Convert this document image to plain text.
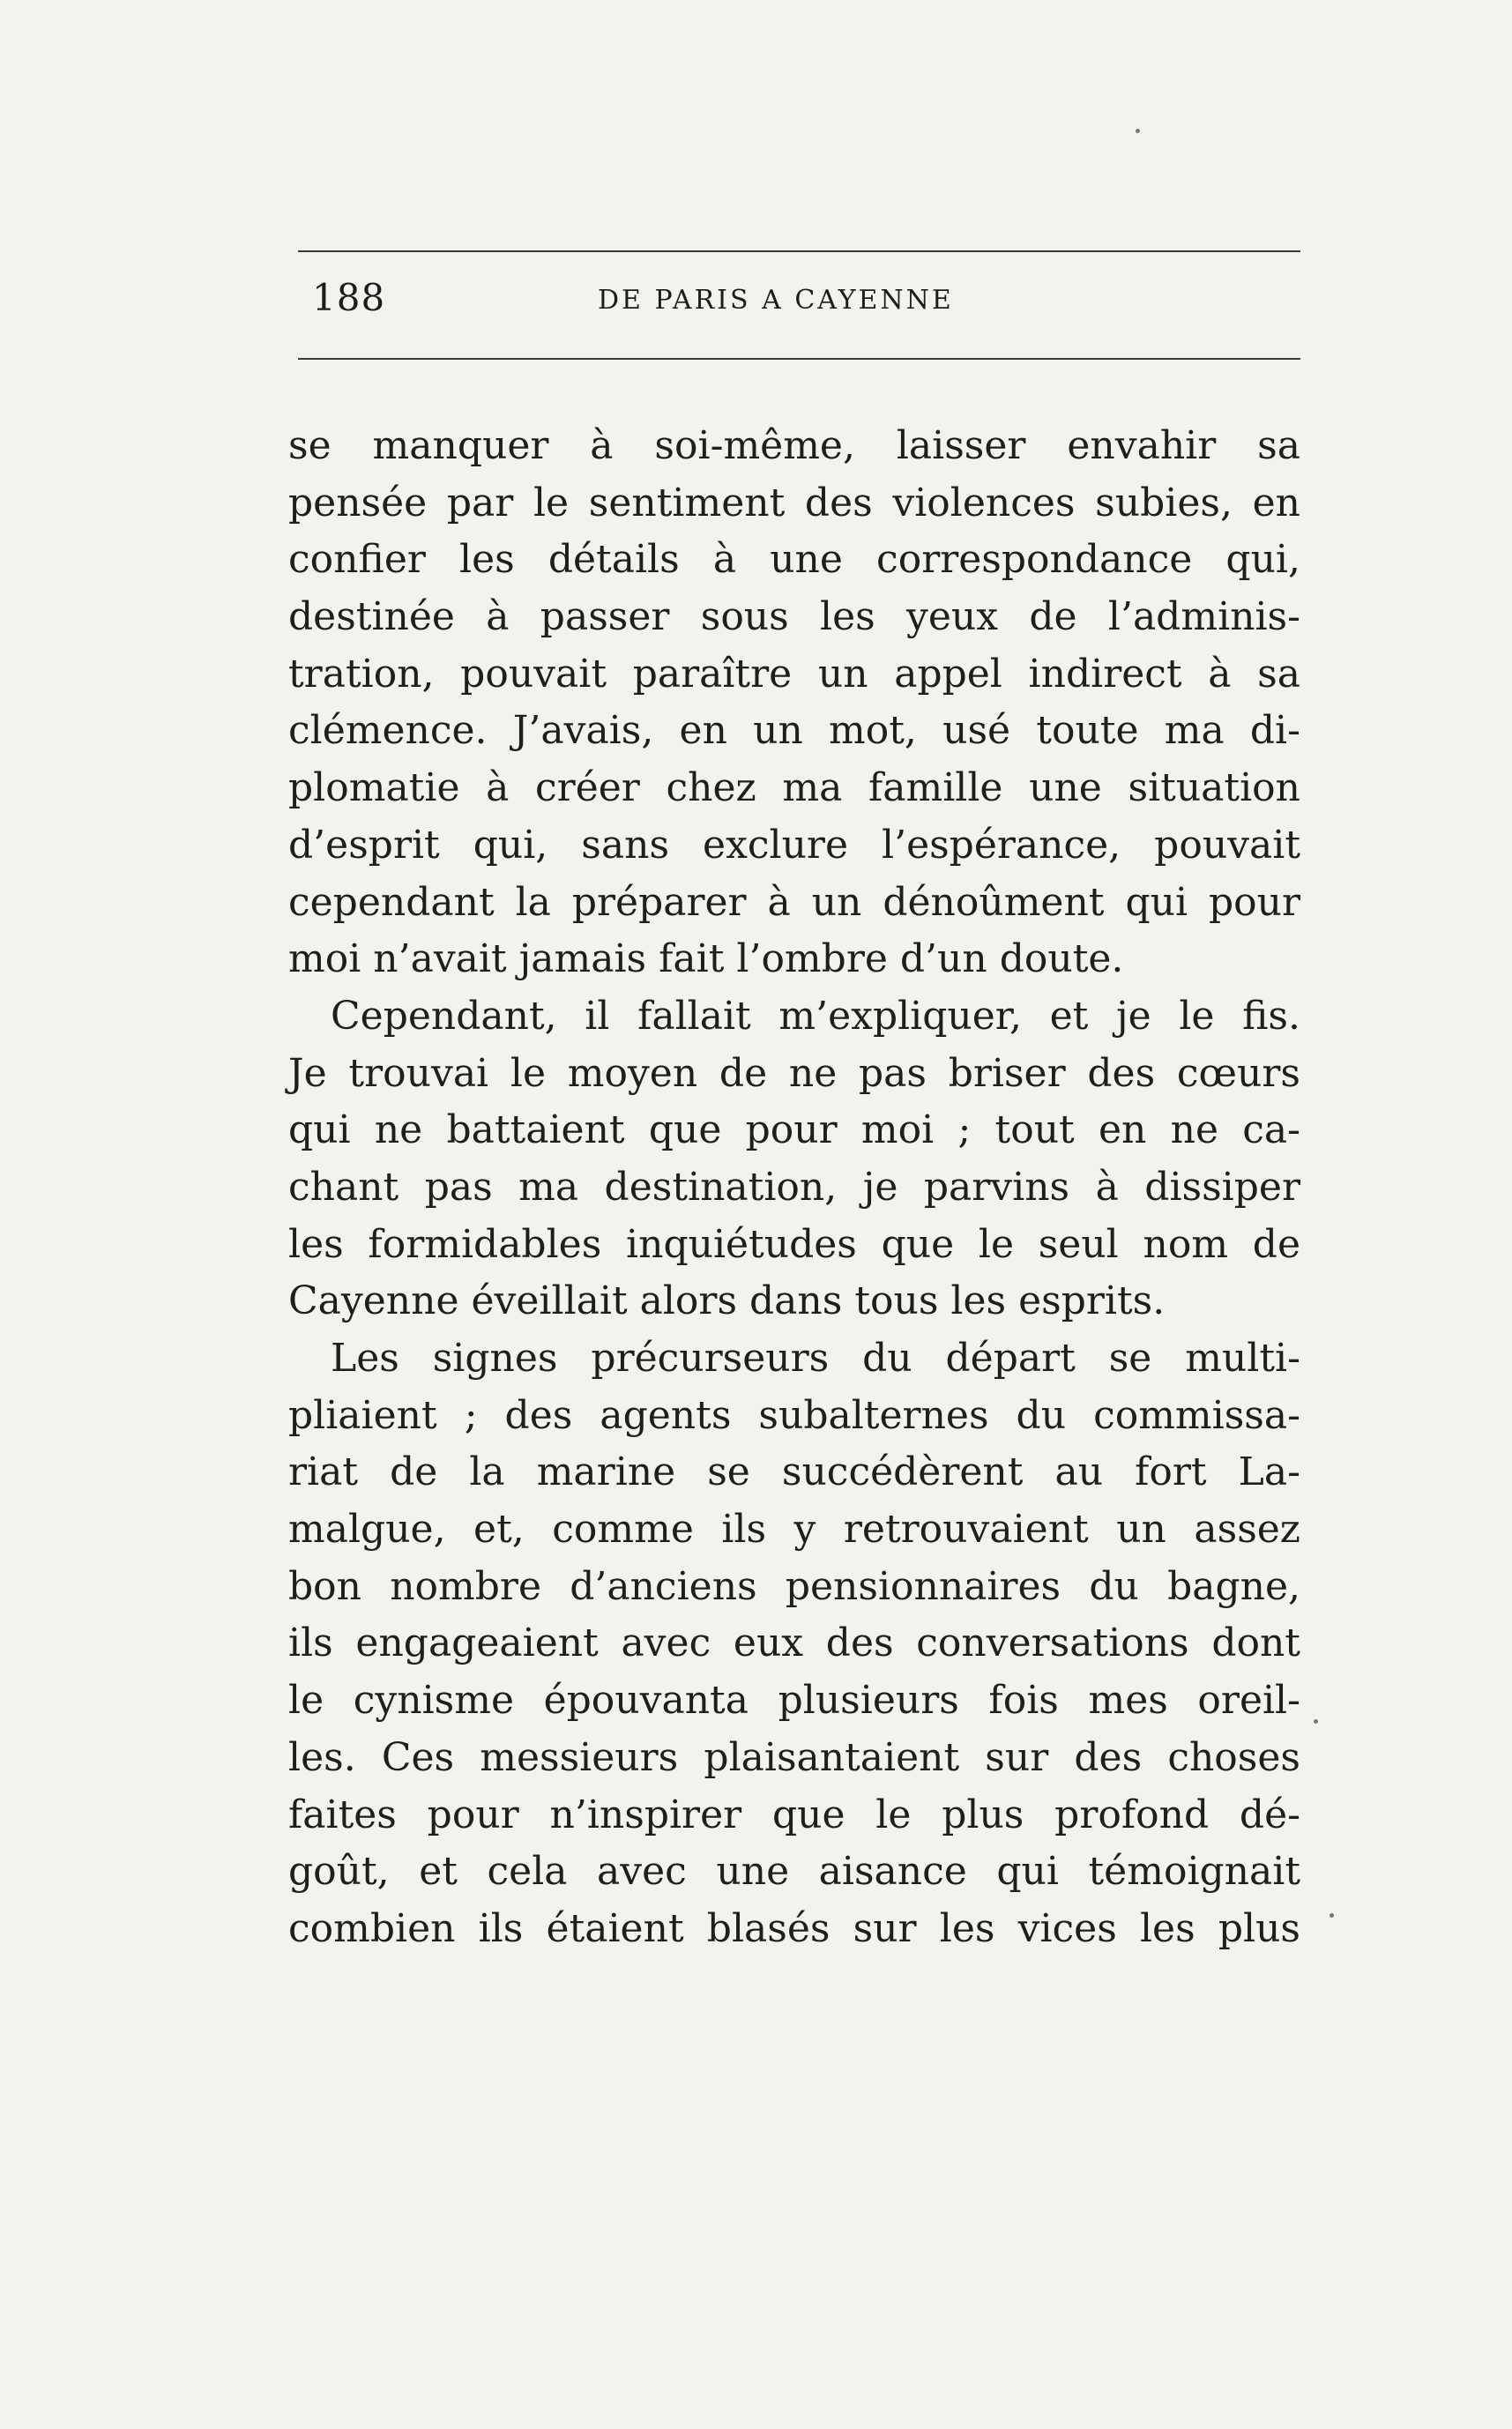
188	DE PARIS A CAYENNE
se manquer à soi-même, laisser envahir sa
pensée par le sentiment des violences subies, en
confier les détails à une correspondance qui,
destinée à passer sous les yeux de l’adminis-
tration, pouvait paraître un appel indirect à sa
clémence. J’avais, en un mot, usé toute ma di-
plomatie à créer chez ma famille une situation
d’esprit qui, sans exclure l’espérance, pouvait
cependant la préparer à un dénoûment qui pour
moi n’avait jamais fait l’ombre d’un doute.
Cependant, il fallait m’expliquer, et je le fis.
Je trouvai le moyen de ne pas briser des cœurs
qui ne battaient que pour moi ; tout en ne ca-
chant pas ma destination, je parvins à dissiper
les formidables inquiétudes que le seul nom de
Cayenne éveillait alors dans tous les esprits.
Les signes précurseurs du départ se multi-
pliaient ; des agents subalternes du commissa-
riat de la marine se succédèrent au fort La-
malgue, et, comme ils y retrouvaient un assez
bon nombre d’anciens pensionnaires du bagne,
ils engageaient avec eux des conversations dont
le cynisme épouvanta plusieurs fois mes oreil-
les. Ces messieurs plaisantaient sur des choses
faites pour n’inspirer que le plus profond dé-
goût, et cela avec une aisance qui témoignait
combien ils étaient blasés sur les vices les plus
